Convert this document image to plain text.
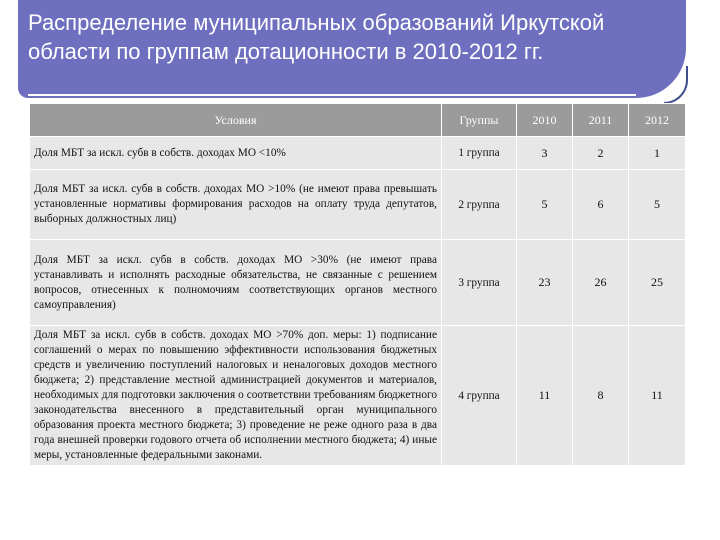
Распределение муниципальных образований Иркутской области по группам дотационности в 2010-2012 гг.
Условия	Группы	2010	2011	2012
Доля МБТ за искл. субв в собств. доходах МО <10%	1 группа	3	2	1
Доля МБТ за искл. субв в собств. доходах МО >10% (не имеют права превышать установленные нормативы формирования расходов на оплату труда депутатов, выборных должностных лиц)	2 группа	5	6	5
Доля МБТ за искл. субв в собств. доходах МО >30% (не имеют права устанавливать и исполнять расходные обязательства, не связанные с решением вопросов, отнесенных к полномочиям соответствующих органов местного самоуправления)	3 группа	23	26	25
Доля МБТ за искл. субв в собств. доходах МО >70% доп. меры: 1) подписание соглашений о мерах по повышению эффективности использования бюджетных средств и увеличению поступлений налоговых и неналоговых доходов местного бюджета; 2) представление местной администрацией документов и материалов, необходимых для подготовки заключения о соответствии требованиям бюджетного законодательства внесенного в представительный орган муниципального образования проекта местного бюджета; 3) проведение не реже одного раза в два года внешней проверки годового отчета об исполнении местного бюджета; 4) иные меры, установленные федеральными законами.	4 группа	11	8	11
